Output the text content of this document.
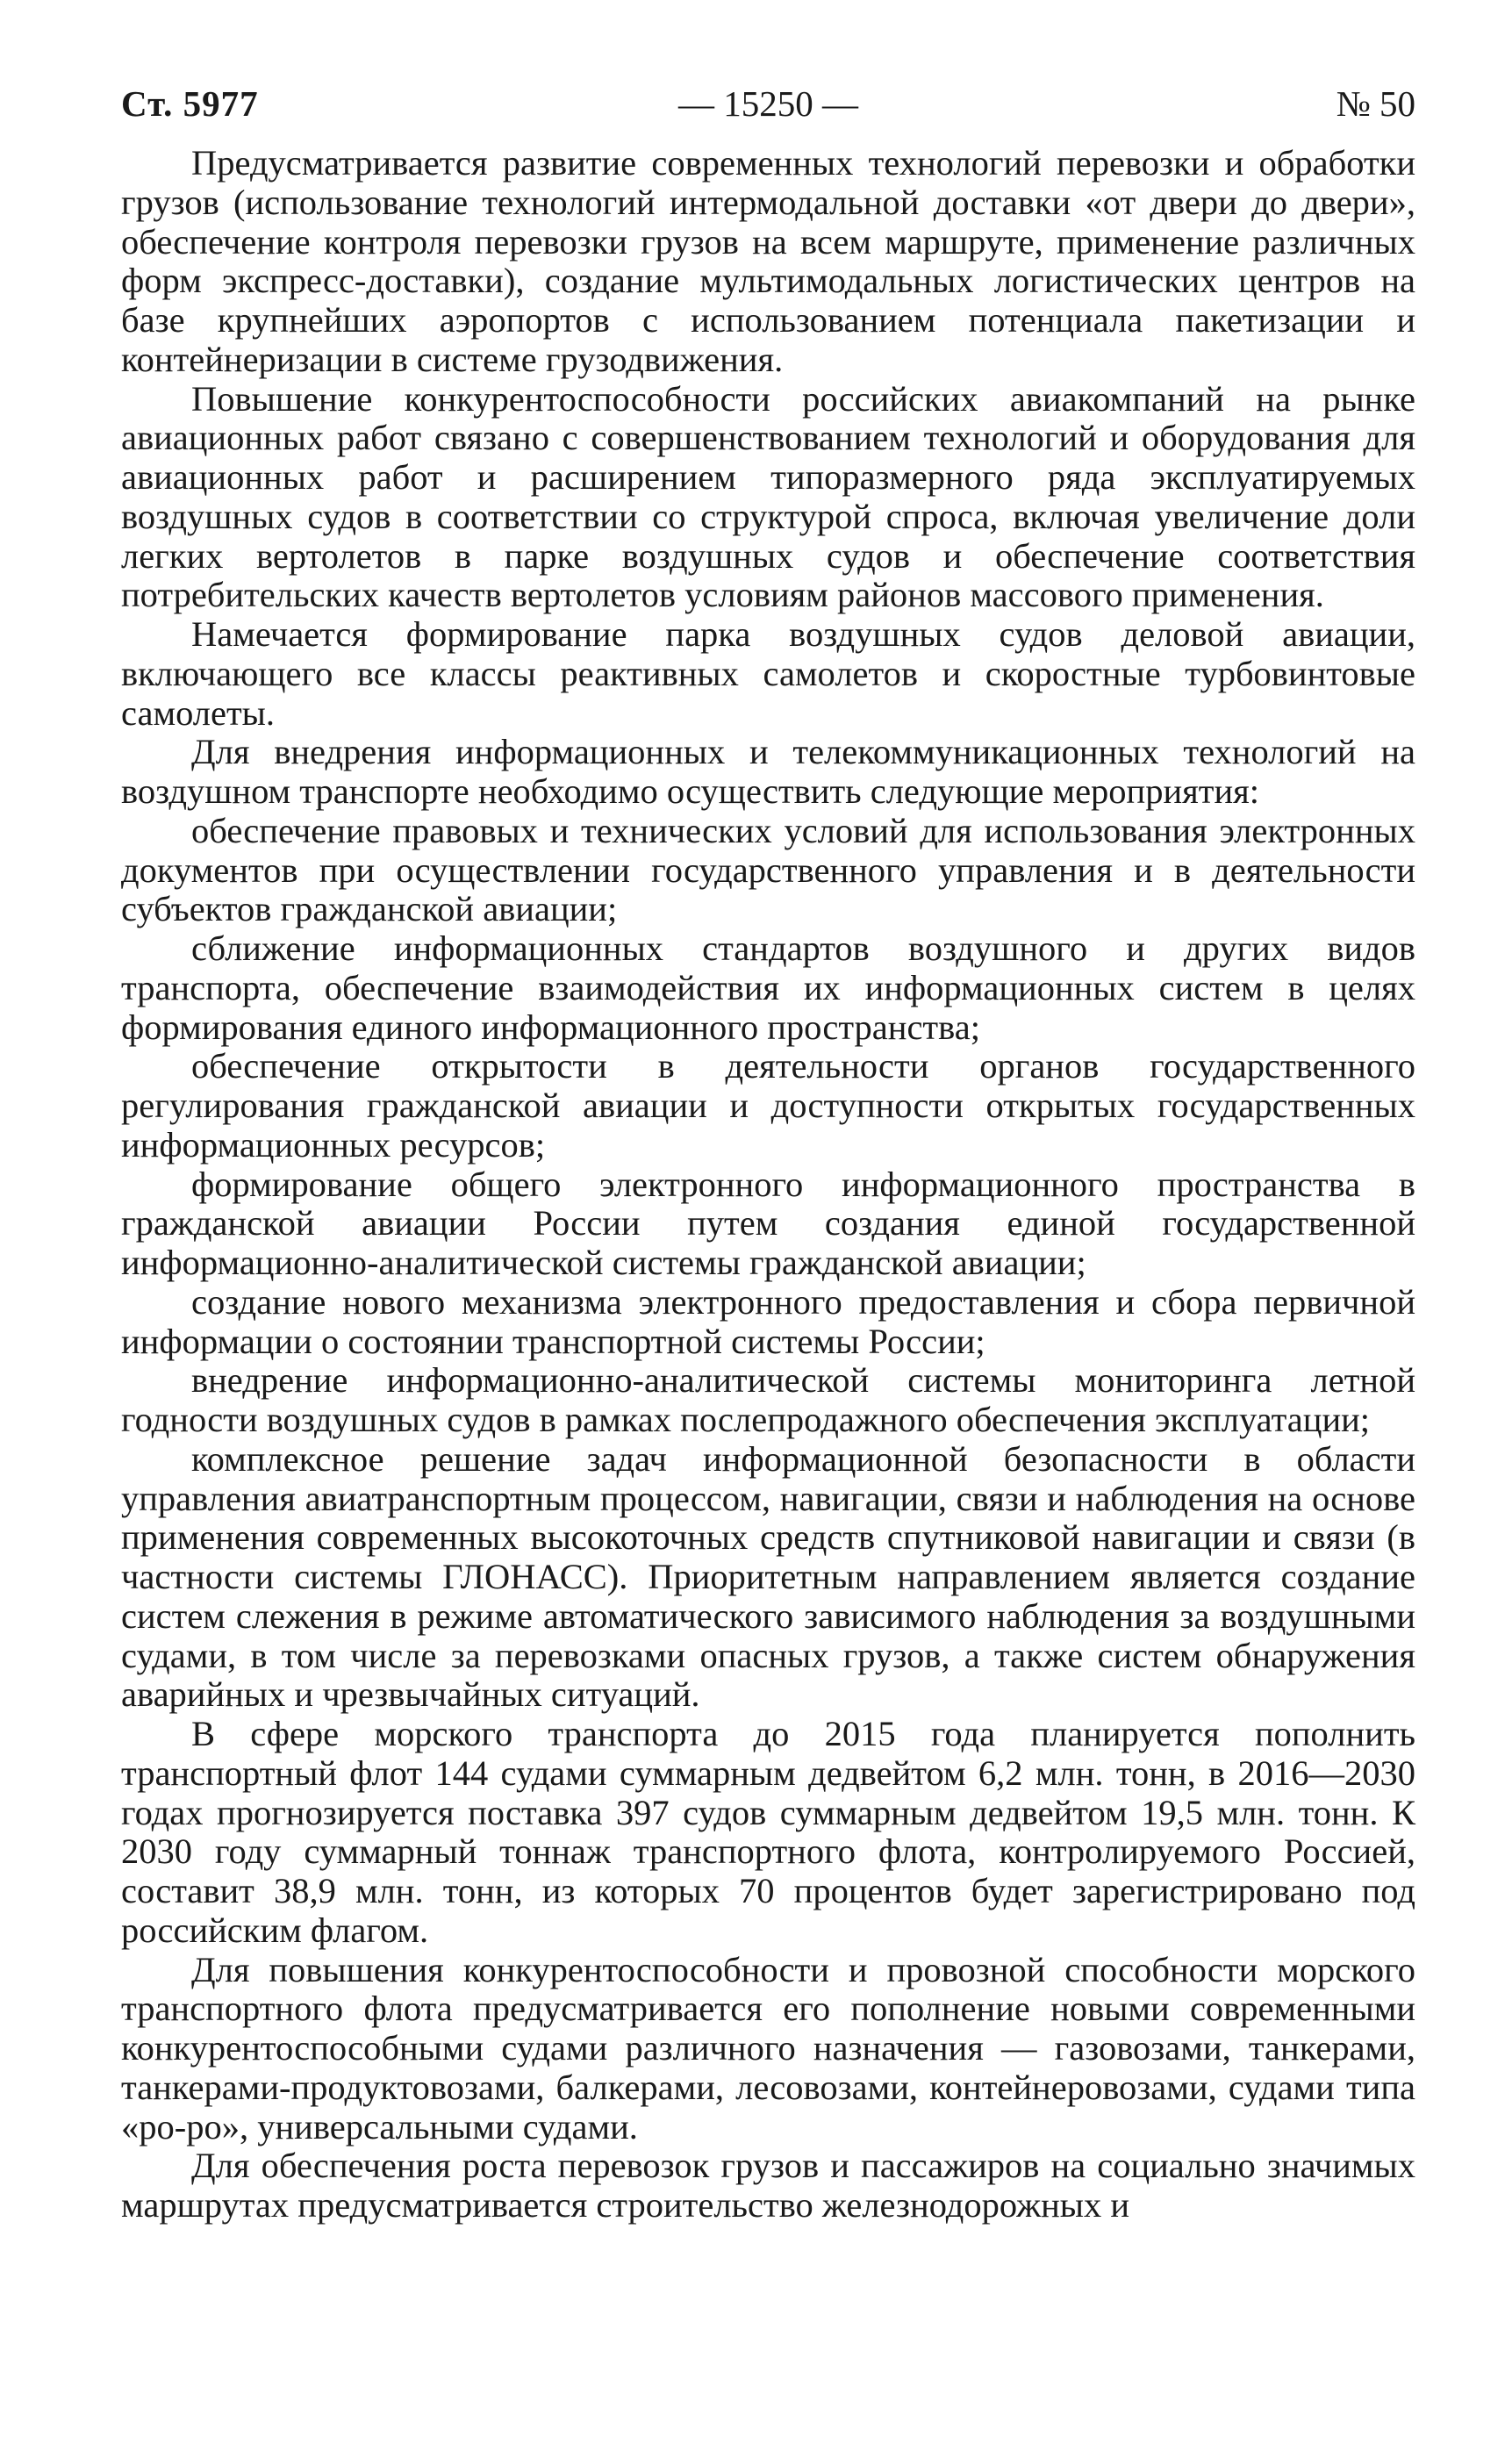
Ст. 5977	— 15250 —	№ 50

Предусматривается развитие современных технологий перевозки и обработки грузов (использование технологий интермодальной доставки «от двери до двери», обеспечение контроля перевозки грузов на всем маршруте, применение различных форм экспресс-доставки), создание мультимодальных логистических центров на базе крупнейших аэропортов с использованием потенциала пакетизации и контейнеризации в системе грузодвижения.

Повышение конкурентоспособности российских авиакомпаний на рынке авиационных работ связано с совершенствованием технологий и оборудования для авиационных работ и расширением типоразмерного ряда эксплуатируемых воздушных судов в соответствии со структурой спроса, включая увеличение доли легких вертолетов в парке воздушных судов и обеспечение соответствия потребительских качеств вертолетов условиям районов массового применения.

Намечается формирование парка воздушных судов деловой авиации, включающего все классы реактивных самолетов и скоростные турбовинтовые самолеты.

Для внедрения информационных и телекоммуникационных технологий на воздушном транспорте необходимо осуществить следующие мероприятия:

обеспечение правовых и технических условий для использования электронных документов при осуществлении государственного управления и в деятельности субъектов гражданской авиации;

сближение информационных стандартов воздушного и других видов транспорта, обеспечение взаимодействия их информационных систем в целях формирования единого информационного пространства;

обеспечение открытости в деятельности органов государственного регулирования гражданской авиации и доступности открытых государственных информационных ресурсов;

формирование общего электронного информационного пространства в гражданской авиации России путем создания единой государственной информационно-аналитической системы гражданской авиации;

создание нового механизма электронного предоставления и сбора первичной информации о состоянии транспортной системы России;

внедрение информационно-аналитической системы мониторинга летной годности воздушных судов в рамках послепродажного обеспечения эксплуатации;

комплексное решение задач информационной безопасности в области управления авиатранспортным процессом, навигации, связи и наблюдения на основе применения современных высокоточных средств спутниковой навигации и связи (в частности системы ГЛОНАСС). Приоритетным направлением является создание систем слежения в режиме автоматического зависимого наблюдения за воздушными судами, в том числе за перевозками опасных грузов, а также систем обнаружения аварийных и чрезвычайных ситуаций.

В сфере морского транспорта до 2015 года планируется пополнить транспортный флот 144 судами суммарным дедвейтом 6,2 млн. тонн, в 2016—2030 годах прогнозируется поставка 397 судов суммарным дедвейтом 19,5 млн. тонн. К 2030 году суммарный тоннаж транспортного флота, контролируемого Россией, составит 38,9 млн. тонн, из которых 70 процентов будет зарегистрировано под российским флагом.

Для повышения конкурентоспособности и провозной способности морского транспортного флота предусматривается его пополнение новыми современными конкурентоспособными судами различного назначения — газовозами, танкерами, танкерами-продуктовозами, балкерами, лесовозами, контейнеровозами, судами типа «ро-ро», универсальными судами.

Для обеспечения роста перевозок грузов и пассажиров на социально значимых маршрутах предусматривается строительство железнодорожных и
